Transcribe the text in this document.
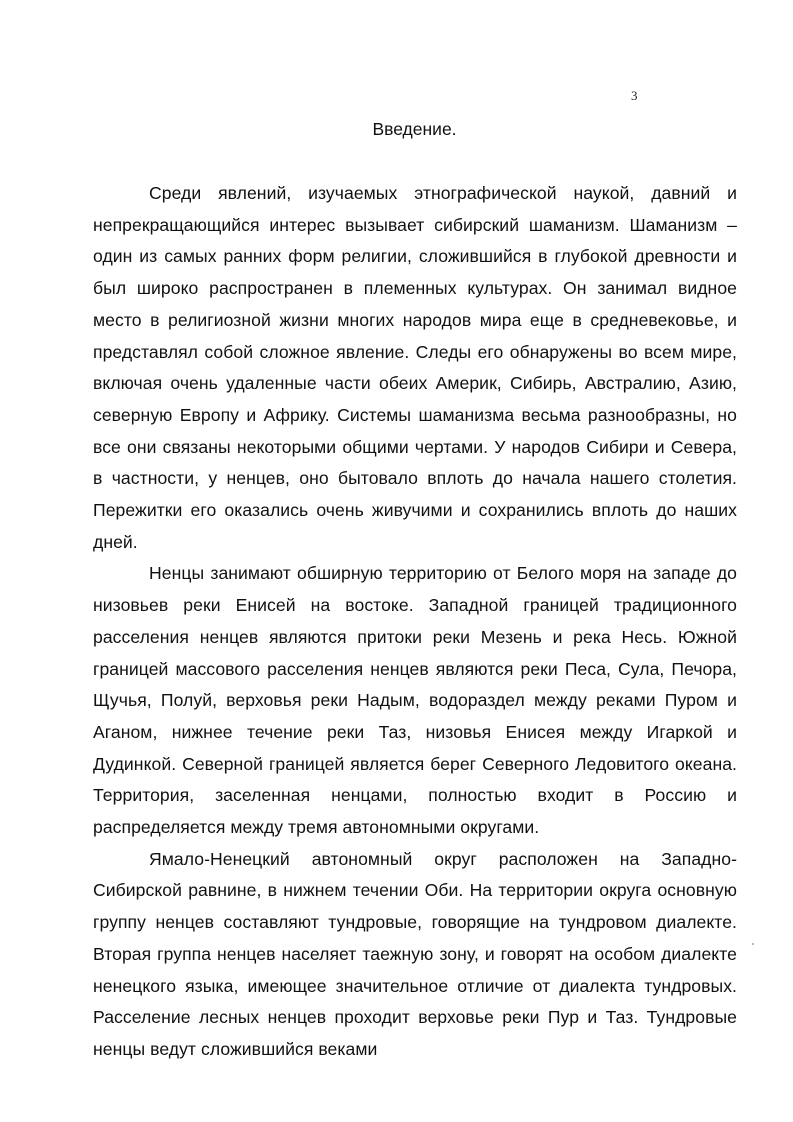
3
Введение.

Среди явлений, изучаемых этнографической наукой, давний и непрекращающийся интерес вызывает сибирский шаманизм. Шаманизм – один из самых ранних форм религии, сложившийся в глубокой древности и был широко распространен в племенных культурах. Он занимал видное место в религиозной жизни многих народов мира еще в средневековье, и представлял собой сложное явление. Следы его обнаружены во всем мире, включая очень удаленные части обеих Америк, Сибирь, Австралию, Азию, северную Европу и Африку. Системы шаманизма весьма разнообразны, но все они связаны некоторыми общими чертами. У народов Сибири и Севера, в частности, у ненцев, оно бытовало вплоть до начала нашего столетия. Пережитки его оказались очень живучими и сохранились вплоть до наших дней.

Ненцы занимают обширную территорию от Белого моря на западе до низовьев реки Енисей на востоке. Западной границей традиционного расселения ненцев являются притоки реки Мезень и река Несь. Южной границей массового расселения ненцев являются реки Песа, Сула, Печора, Щучья, Полуй, верховья реки Надым, водораздел между реками Пуром и Аганом, нижнее течение реки Таз, низовья Енисея между Игаркой и Дудинкой. Северной границей является берег Северного Ледовитого океана. Территория, заселенная ненцами, полностью входит в Россию и распределяется между тремя автономными округами.

Ямало-Ненецкий автономный округ расположен на Западно-Сибирской равнине, в нижнем течении Оби. На территории округа основную группу ненцев составляют тундровые, говорящие на тундровом диалекте. Вторая группа ненцев населяет таежную зону, и говорят на особом диалекте ненецкого языка, имеющее значительное отличие от диалекта тундровых. Расселение лесных ненцев проходит верховье реки Пур и Таз. Тундровые ненцы ведут сложившийся веками
